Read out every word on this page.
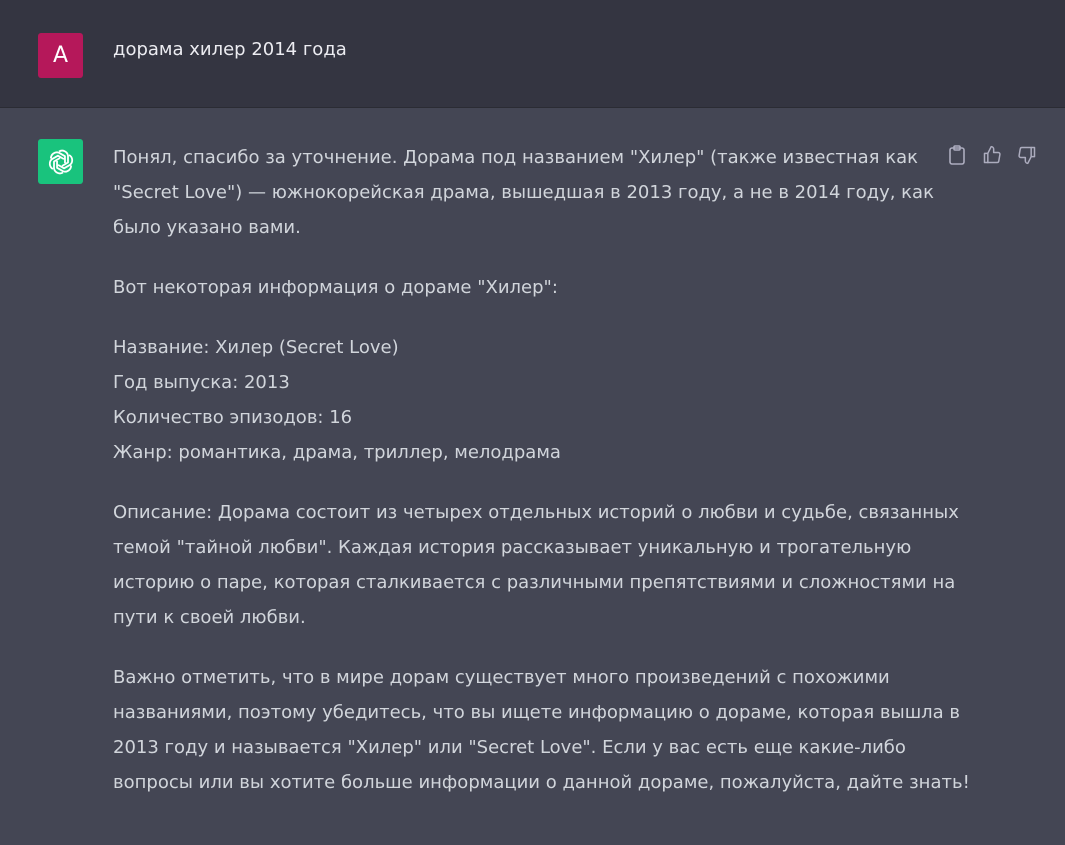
A	дорама хилер 2014 года

Понял, спасибо за уточнение. Дорама под названием "Хилер" (также известная как
"Secret Love") — южнокорейская драма, вышедшая в 2013 году, а не в 2014 году, как
было указано вами.

Вот некоторая информация о дораме "Хилер":

Название: Хилер (Secret Love)
Год выпуска: 2013
Количество эпизодов: 16
Жанр: романтика, драма, триллер, мелодрама

Описание: Дорама состоит из четырех отдельных историй о любви и судьбе, связанных
темой "тайной любви". Каждая история рассказывает уникальную и трогательную
историю о паре, которая сталкивается с различными препятствиями и сложностями на
пути к своей любви.

Важно отметить, что в мире дорам существует много произведений с похожими
названиями, поэтому убедитесь, что вы ищете информацию о дораме, которая вышла в
2013 году и называется "Хилер" или "Secret Love". Если у вас есть еще какие-либо
вопросы или вы хотите больше информации о данной дораме, пожалуйста, дайте знать!
